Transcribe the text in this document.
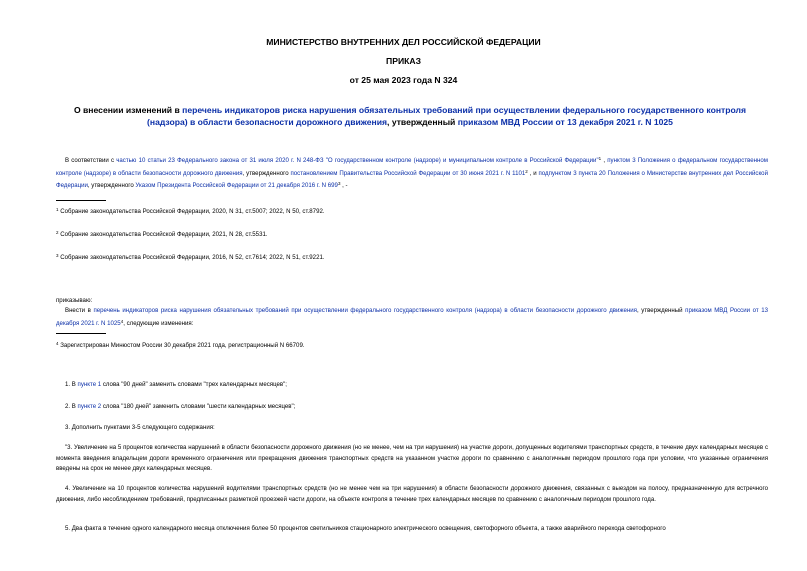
МИНИСТЕРСТВО ВНУТРЕННИХ ДЕЛ РОССИЙСКОЙ ФЕДЕРАЦИИ
ПРИКАЗ
от 25 мая 2023 года N 324
О внесении изменений в перечень индикаторов риска нарушения обязательных требований при осуществлении федерального государственного контроля (надзора) в области безопасности дорожного движения, утвержденный приказом МВД России от 13 декабря 2021 г. N 1025
В соответствии с частью 10 статьи 23 Федерального закона от 31 июля 2020 г. N 248-ФЗ "О государственном контроле (надзоре) и муниципальном контроле в Российской Федерации"$^1$ , пунктом 3 Положения о федеральном государственном контроле (надзоре) в области безопасности дорожного движения, утвержденного постановлением Правительства Российской Федерации от 30 июня 2021 г. N 1101$^2$ , и подпунктом 3 пункта 20 Положения о Министерстве внутренних дел Российской Федерации, утвержденного Указом Президента Российской Федерации от 21 декабря 2016 г. N $699^3$ , -
$^1$ Собрание законодательства Российской Федерации, 2020, N 31, ст.5007; 2022, N 50, ст.8792.
$^2$ Собрание законодательства Российской Федерации, 2021, N 28, ст.5531.
$^3$ Собрание законодательства Российской Федерации, 2016, N 52, ст.7614; 2022, N 51, ст.9221.
приказываю:
Внести в перечень индикаторов риска нарушения обязательных требований при осуществлении федерального государственного контроля (надзора) в области безопасности дорожного движения, утвержденный приказом МВД России от 13 декабря 2021 г. N 1025$^4$, следующие изменения:
$^4$ Зарегистрирован Минюстом России 30 декабря 2021 года, регистрационный N 66709.
1. В пункте 1 слова "90 дней" заменить словами "трех календарных месяцев";
2. В пункте 2 слова "180 дней" заменить словами "шести календарных месяцев";
3. Дополнить пунктами 3-5 следующего содержания:
"3. Увеличение на 5 процентов количества нарушений в области безопасности дорожного движения (но не менее, чем на три нарушения) на участке дороги, допущенных водителями транспортных средств, в течение двух календарных месяцев с момента введения владельцем дороги временного ограничения или прекращения движения транспортных средств на указанном участке дороги по сравнению с аналогичным периодом прошлого года при условии, что указанные ограничения введены на срок не менее двух календарных месяцев.
4. Увеличение на 10 процентов количества нарушений водителями транспортных средств (но не менее чем на три нарушения) в области безопасности дорожного движения, связанных с выездом на полосу, предназначенную для встречного движения, либо несоблюдением требований, предписанных разметкой проезжей части дороги, на объекте контроля в течение трех календарных месяцев по сравнению с аналогичным периодом прошлого года.
5. Два факта в течение одного календарного месяца отключения более 50 процентов светильников стационарного электрического освещения, светофорного объекта, а также аварийного перехода светофорного
